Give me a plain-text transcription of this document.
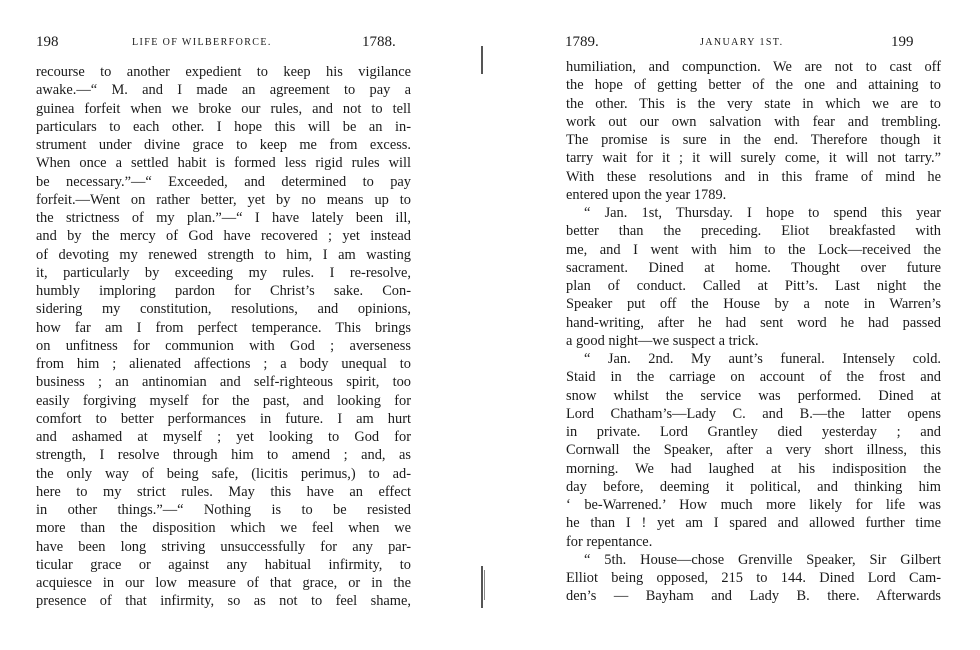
198	LIFE OF WILBERFORCE.	1788.
recourse to another expedient to keep his vigilance
awake.—“ M. and I made an agreement to pay a
guinea forfeit when we broke our rules, and not to tell
particulars to each other. I hope this will be an in-
strument under divine grace to keep me from excess.
When once a settled habit is formed less rigid rules will
be necessary.”—“ Exceeded, and determined to pay
forfeit.—Went on rather better, yet by no means up to
the strictness of my plan.”—“ I have lately been ill,
and by the mercy of God have recovered ; yet instead
of devoting my renewed strength to him, I am wasting
it, particularly by exceeding my rules. I re-resolve,
humbly imploring pardon for Christ’s sake. Con-
sidering my constitution, resolutions, and opinions,
how far am I from perfect temperance. This brings
on unfitness for communion with God ; averseness
from him ; alienated affections ; a body unequal to
business ; an antinomian and self-righteous spirit, too
easily forgiving myself for the past, and looking for
comfort to better performances in future. I am hurt
and ashamed at myself ; yet looking to God for
strength, I resolve through him to amend ; and, as
the only way of being safe, (licitis perimus,) to ad-
here to my strict rules. May this have an effect
in other things.”—“ Nothing is to be resisted
more than the disposition which we feel when we
have been long striving unsuccessfully for any par-
ticular grace or against any habitual infirmity, to
acquiesce in our low measure of that grace, or in the
presence of that infirmity, so as not to feel shame,
1789.	JANUARY 1ST.	199
humiliation, and compunction. We are not to cast off
the hope of getting better of the one and attaining to
the other. This is the very state in which we are to
work out our own salvation with fear and trembling.
The promise is sure in the end. Therefore though it
tarry wait for it ; it will surely come, it will not tarry.”
With these resolutions and in this frame of mind he
entered upon the year 1789.
“ Jan. 1st, Thursday. I hope to spend this year
better than the preceding. Eliot breakfasted with
me, and I went with him to the Lock—received the
sacrament. Dined at home. Thought over future
plan of conduct. Called at Pitt’s. Last night the
Speaker put off the House by a note in Warren’s
hand-writing, after he had sent word he had passed
a good night—we suspect a trick.
“ Jan. 2nd. My aunt’s funeral. Intensely cold.
Staid in the carriage on account of the frost and
snow whilst the service was performed. Dined at
Lord Chatham’s—Lady C. and B.—the latter opens
in private. Lord Grantley died yesterday ; and
Cornwall the Speaker, after a very short illness, this
morning. We had laughed at his indisposition the
day before, deeming it political, and thinking him
‘ be-Warrened.’ How much more likely for life was
he than I ! yet am I spared and allowed further time
for repentance.
“ 5th. House—chose Grenville Speaker, Sir Gilbert
Elliot being opposed, 215 to 144. Dined Lord Cam-
den’s — Bayham and Lady B. there. Afterwards
